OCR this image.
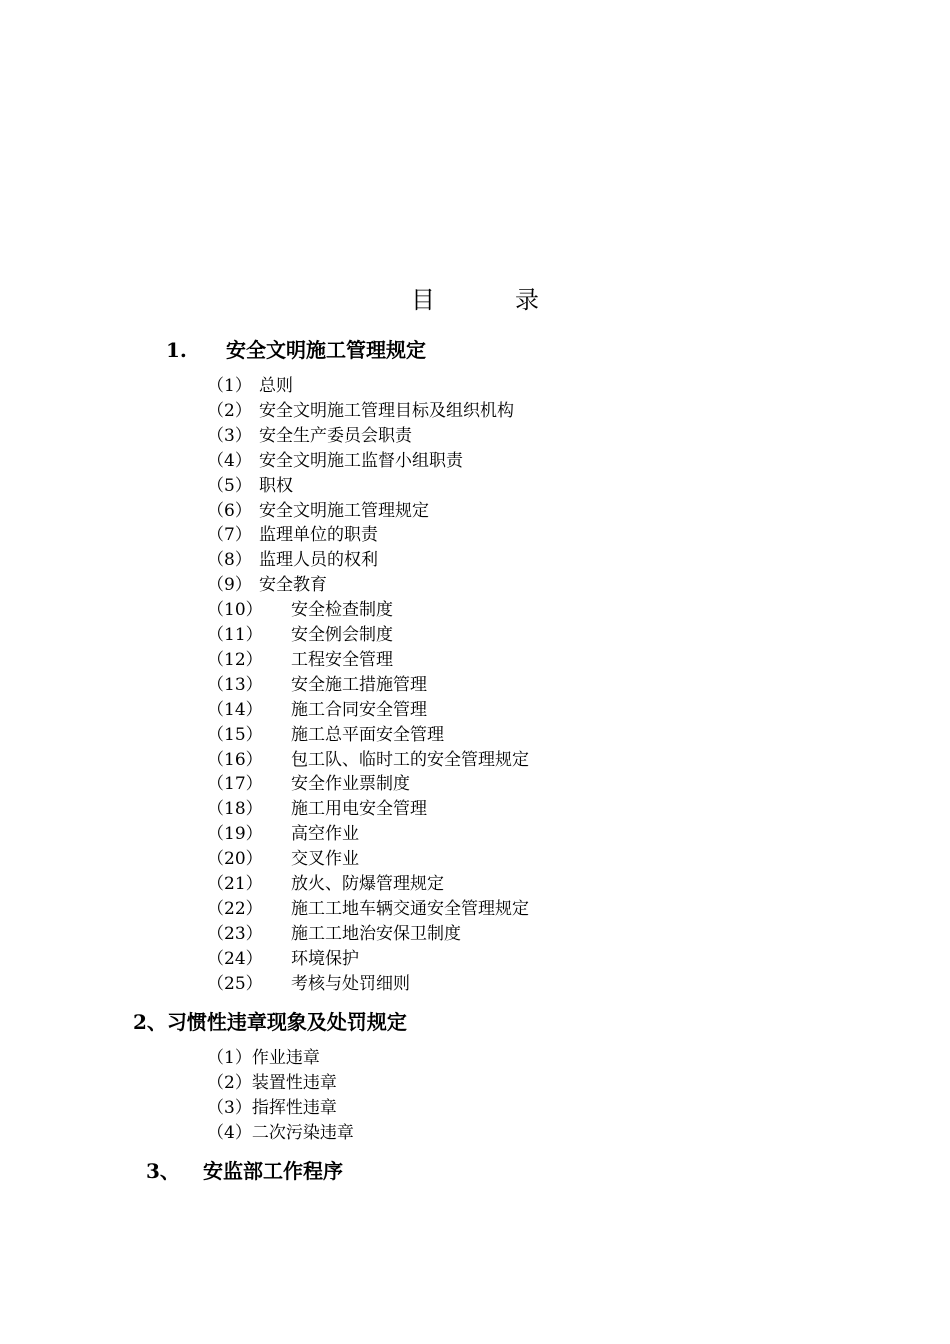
目	录
1. 安全文明施工管理规定
（1） 总则
（2） 安全文明施工管理目标及组织机构
（3） 安全生产委员会职责
（4） 安全文明施工监督小组职责
（5） 职权
（6） 安全文明施工管理规定
（7） 监理单位的职责
（8） 监理人员的权利
（9） 安全教育
（10） 安全检查制度
（11） 安全例会制度
（12） 工程安全管理
（13） 安全施工措施管理
（14） 施工合同安全管理
（15） 施工总平面安全管理
（16） 包工队、临时工的安全管理规定
（17） 安全作业票制度
（18） 施工用电安全管理
（19） 高空作业
（20） 交叉作业
（21） 放火、防爆管理规定
（22） 施工工地车辆交通安全管理规定
（23） 施工工地治安保卫制度
（24） 环境保护
（25） 考核与处罚细则
2、习惯性违章现象及处罚规定
（1）作业违章
（2）装置性违章
（3）指挥性违章
（4）二次污染违章
3、 安监部工作程序
